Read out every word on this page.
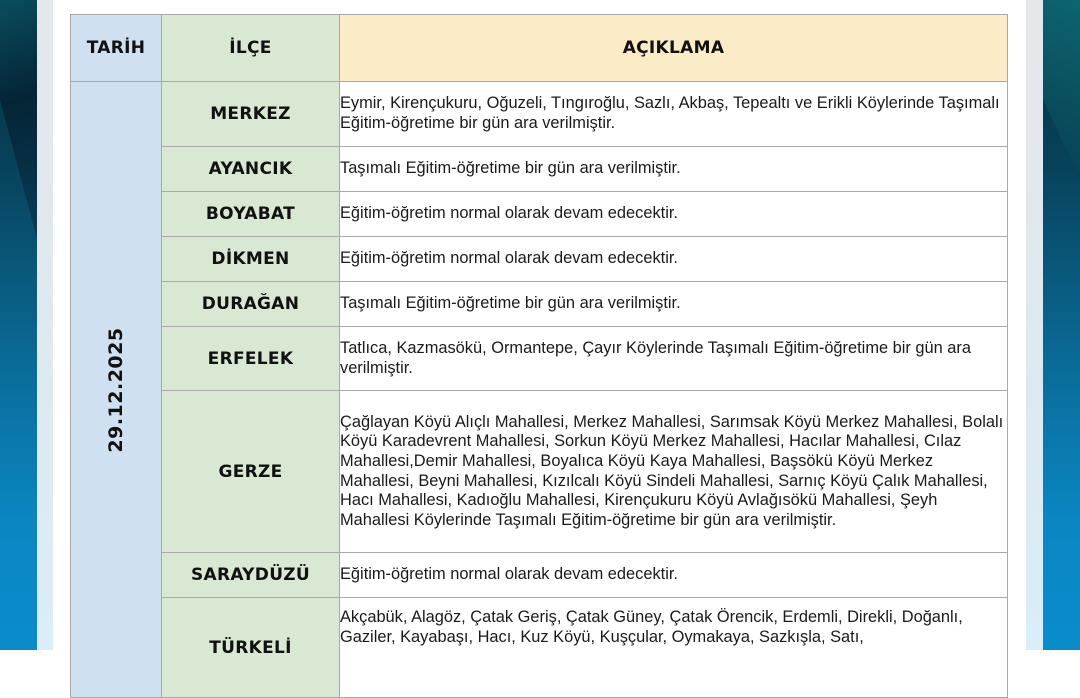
TARİH	İLÇE	AÇIKLAMA

29.12.2025	MERKEZ	Eymir, Kirençukuru, Oğuzeli, Tıngıroğlu, Sazlı, Akbaş, Tepealtı ve Erikli Köylerinde Taşımalı Eğitim-öğretime bir gün ara verilmiştir.
	AYANCIK	Taşımalı Eğitim-öğretime bir gün ara verilmiştir.
	BOYABAT	Eğitim-öğretim normal olarak devam edecektir.
	DİKMEN	Eğitim-öğretim normal olarak devam edecektir.
	DURAĞAN	Taşımalı Eğitim-öğretime bir gün ara verilmiştir.
	ERFELEK	Tatlıca, Kazmasökü, Ormantepe, Çayır Köylerinde Taşımalı Eğitim-öğretime bir gün ara verilmiştir.
	GERZE	Çağlayan Köyü Alıçlı Mahallesi, Merkez Mahallesi, Sarımsak Köyü Merkez Mahallesi, Bolalı Köyü Karadevrent Mahallesi, Sorkun Köyü Merkez Mahallesi, Hacılar Mahallesi, Cılaz Mahallesi,Demir Mahallesi, Boyalıca Köyü Kaya Mahallesi, Başsökü Köyü Merkez Mahallesi, Beyni Mahallesi, Kızılcalı Köyü Sindeli Mahallesi, Sarnıç Köyü Çalık Mahallesi, Hacı Mahallesi, Kadıoğlu Mahallesi, Kirençukuru Köyü Avlağısökü Mahallesi, Şeyh Mahallesi Köylerinde Taşımalı Eğitim-öğretime bir gün ara verilmiştir.
	SARAYDÜZÜ	Eğitim-öğretim normal olarak devam edecektir.
	TÜRKELİ	Akçabük, Alagöz, Çatak Geriş, Çatak Güney, Çatak Örencik, Erdemli, Direkli, Doğanlı, Gaziler, Kayabaşı, Hacı, Kuz Köyü, Kuşçular, Oymakaya, Sazkışla, Satı,
